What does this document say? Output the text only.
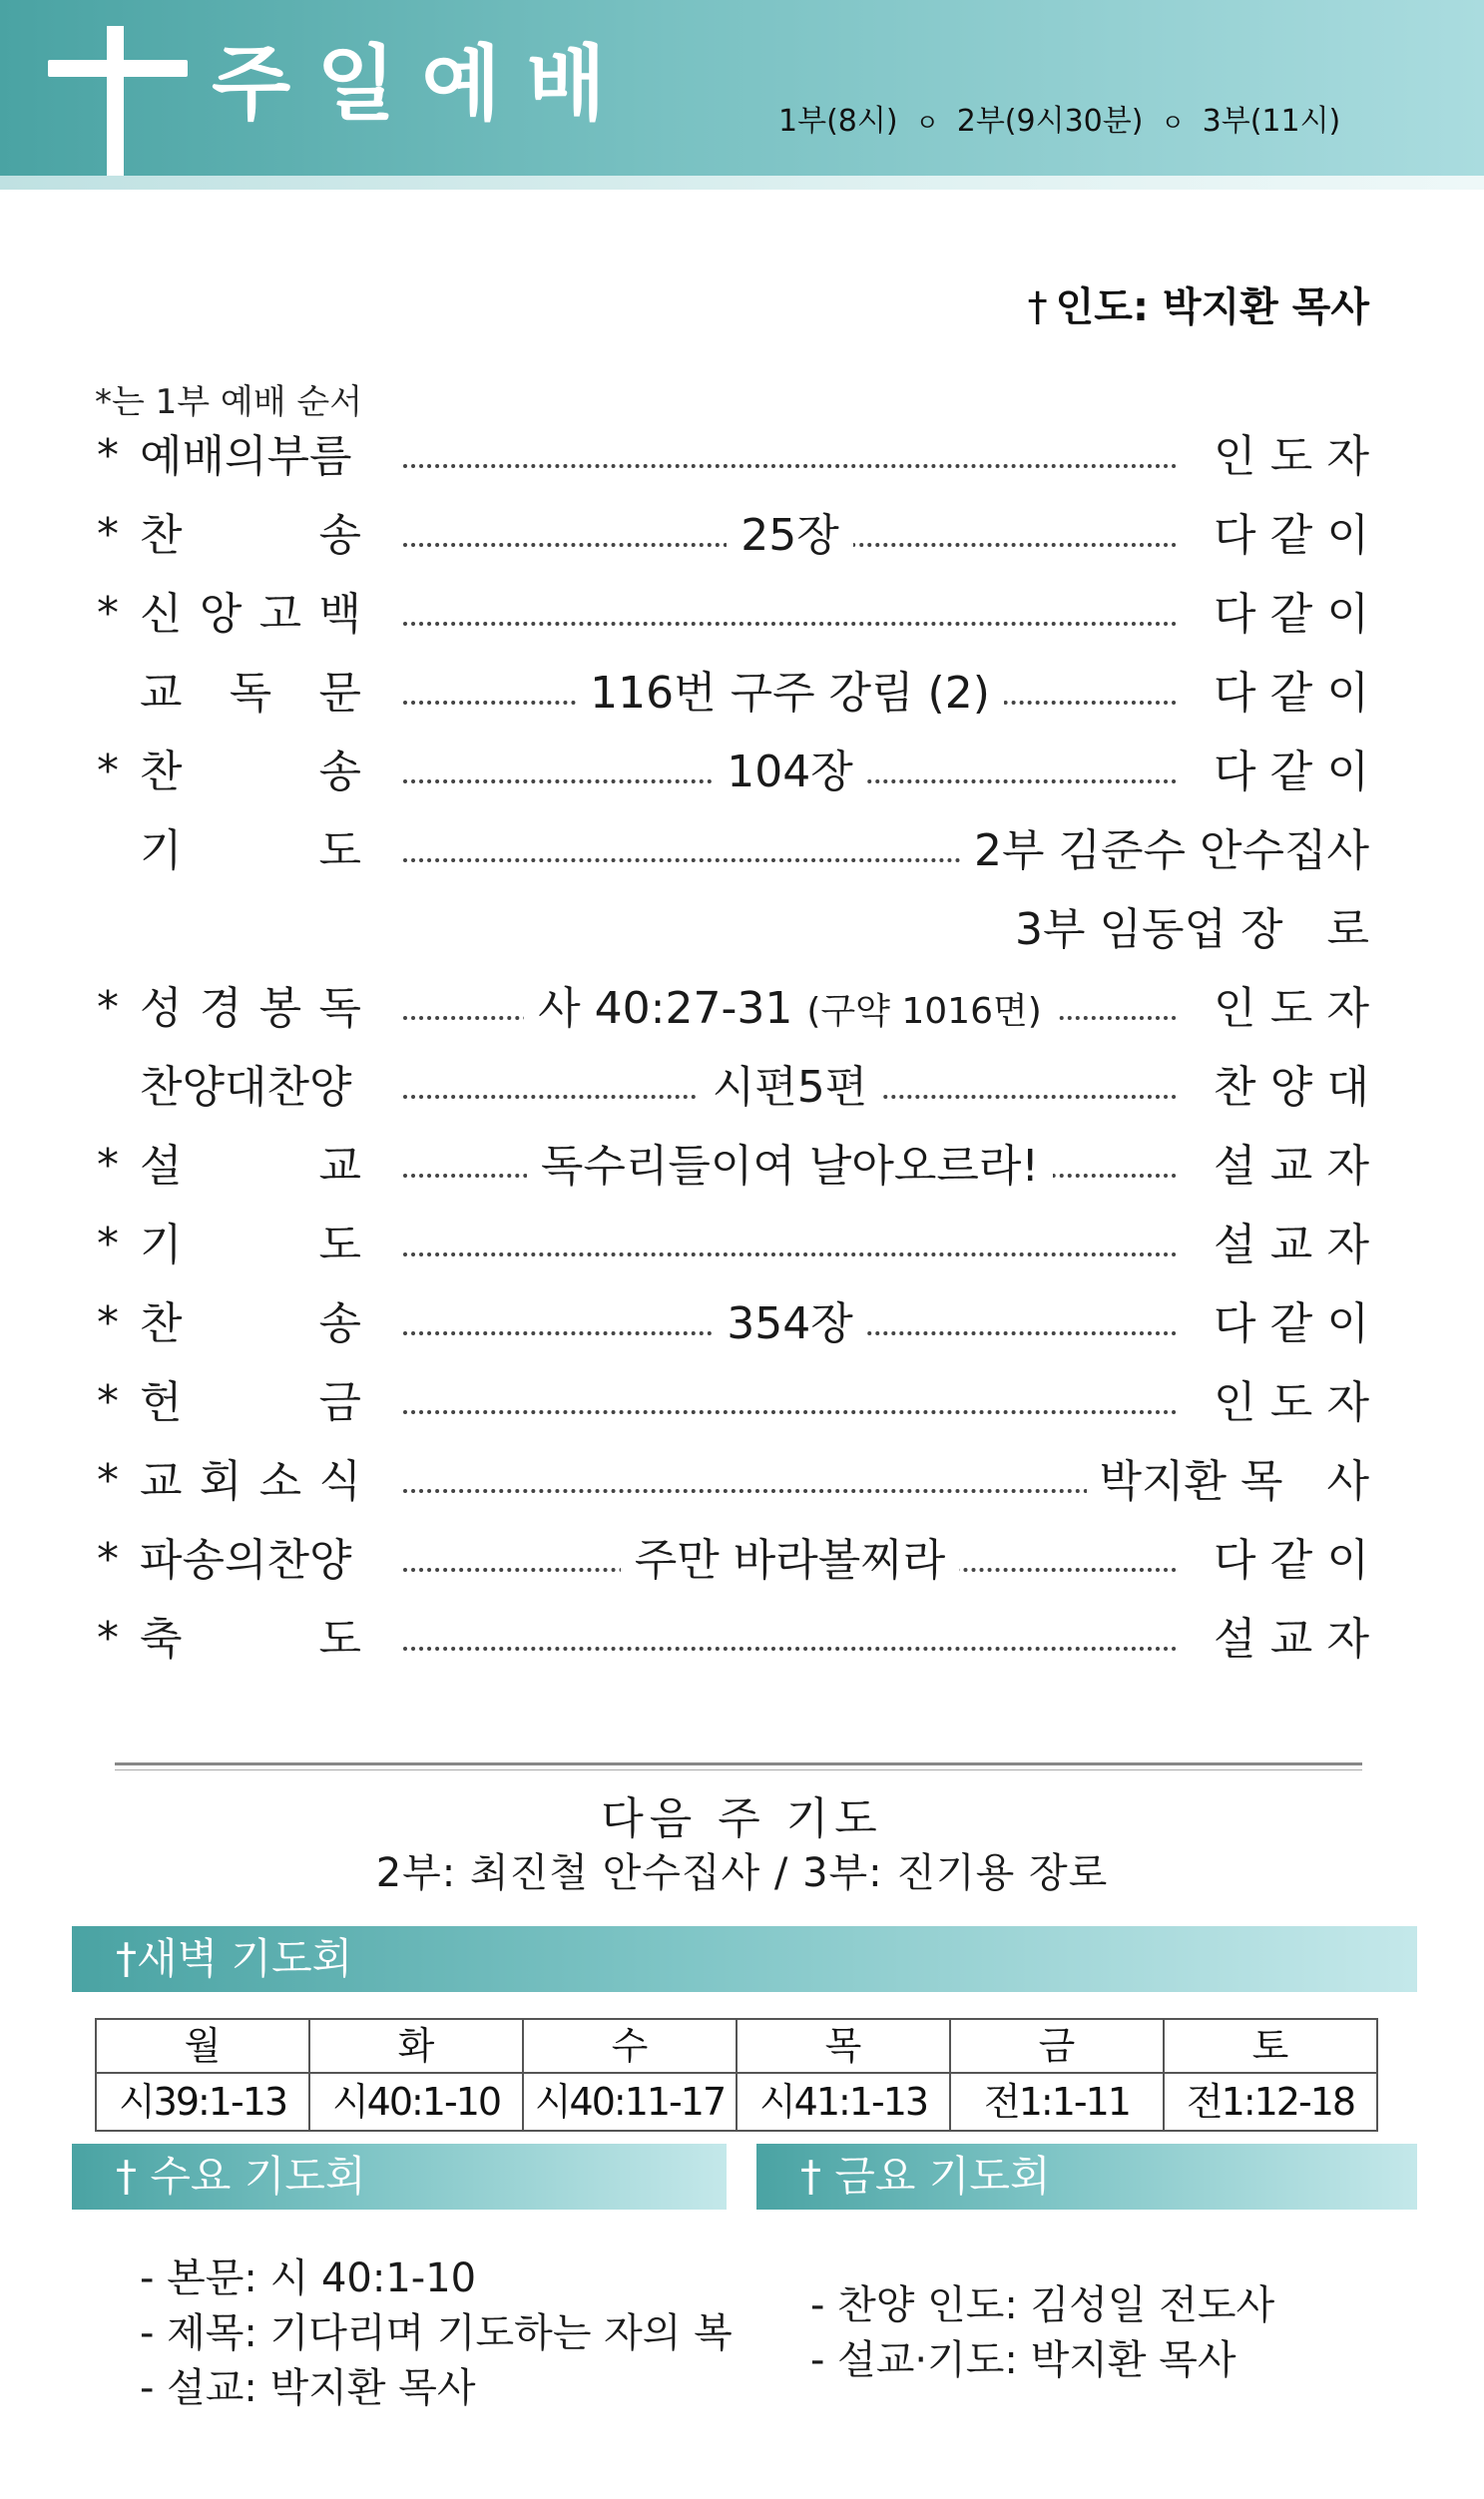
주일예배	1부(8시) ㅇ 2부(9시30분) ㅇ 3부(11시)
† 인도: 박지환 목사
*는 1부 예배 순서
* 예배의부름	인 도 자
* 찬	송	25장	다 같 이
* 신 앙 고 백	다 같 이
교 독 문	116번 구주 강림 (2)	다 같 이
* 찬	송	104장	다 같 이
기	도	2부 김준수 안수집사
3부 임동업 장　로
* 성 경 봉 독	사 40:27-31 (구약 1016면)	인 도 자
찬양대찬양	시편5편	찬 양 대
* 설	교	독수리들이여 날아오르라!	설 교 자
* 기	도	설 교 자
* 찬	송	354장	다 같 이
* 헌	금	인 도 자
* 교 회 소 식	박지환 목　사
* 파송의찬양	주만 바라볼찌라	다 같 이
* 축	도	설 교 자
다음 주 기도
2부: 최진철 안수집사 / 3부: 진기용 장로
†새벽 기도회
월	화	수	목	금	토
시39:1-13	시40:1-10	시40:11-17	시41:1-13	전1:1-11	전1:12-18
† 수요 기도회	† 금요 기도회
- 본문: 시 40:1-10
- 제목: 기다리며 기도하는 자의 복
- 설교: 박지환 목사
- 찬양 인도: 김성일 전도사
- 설교·기도: 박지환 목사
